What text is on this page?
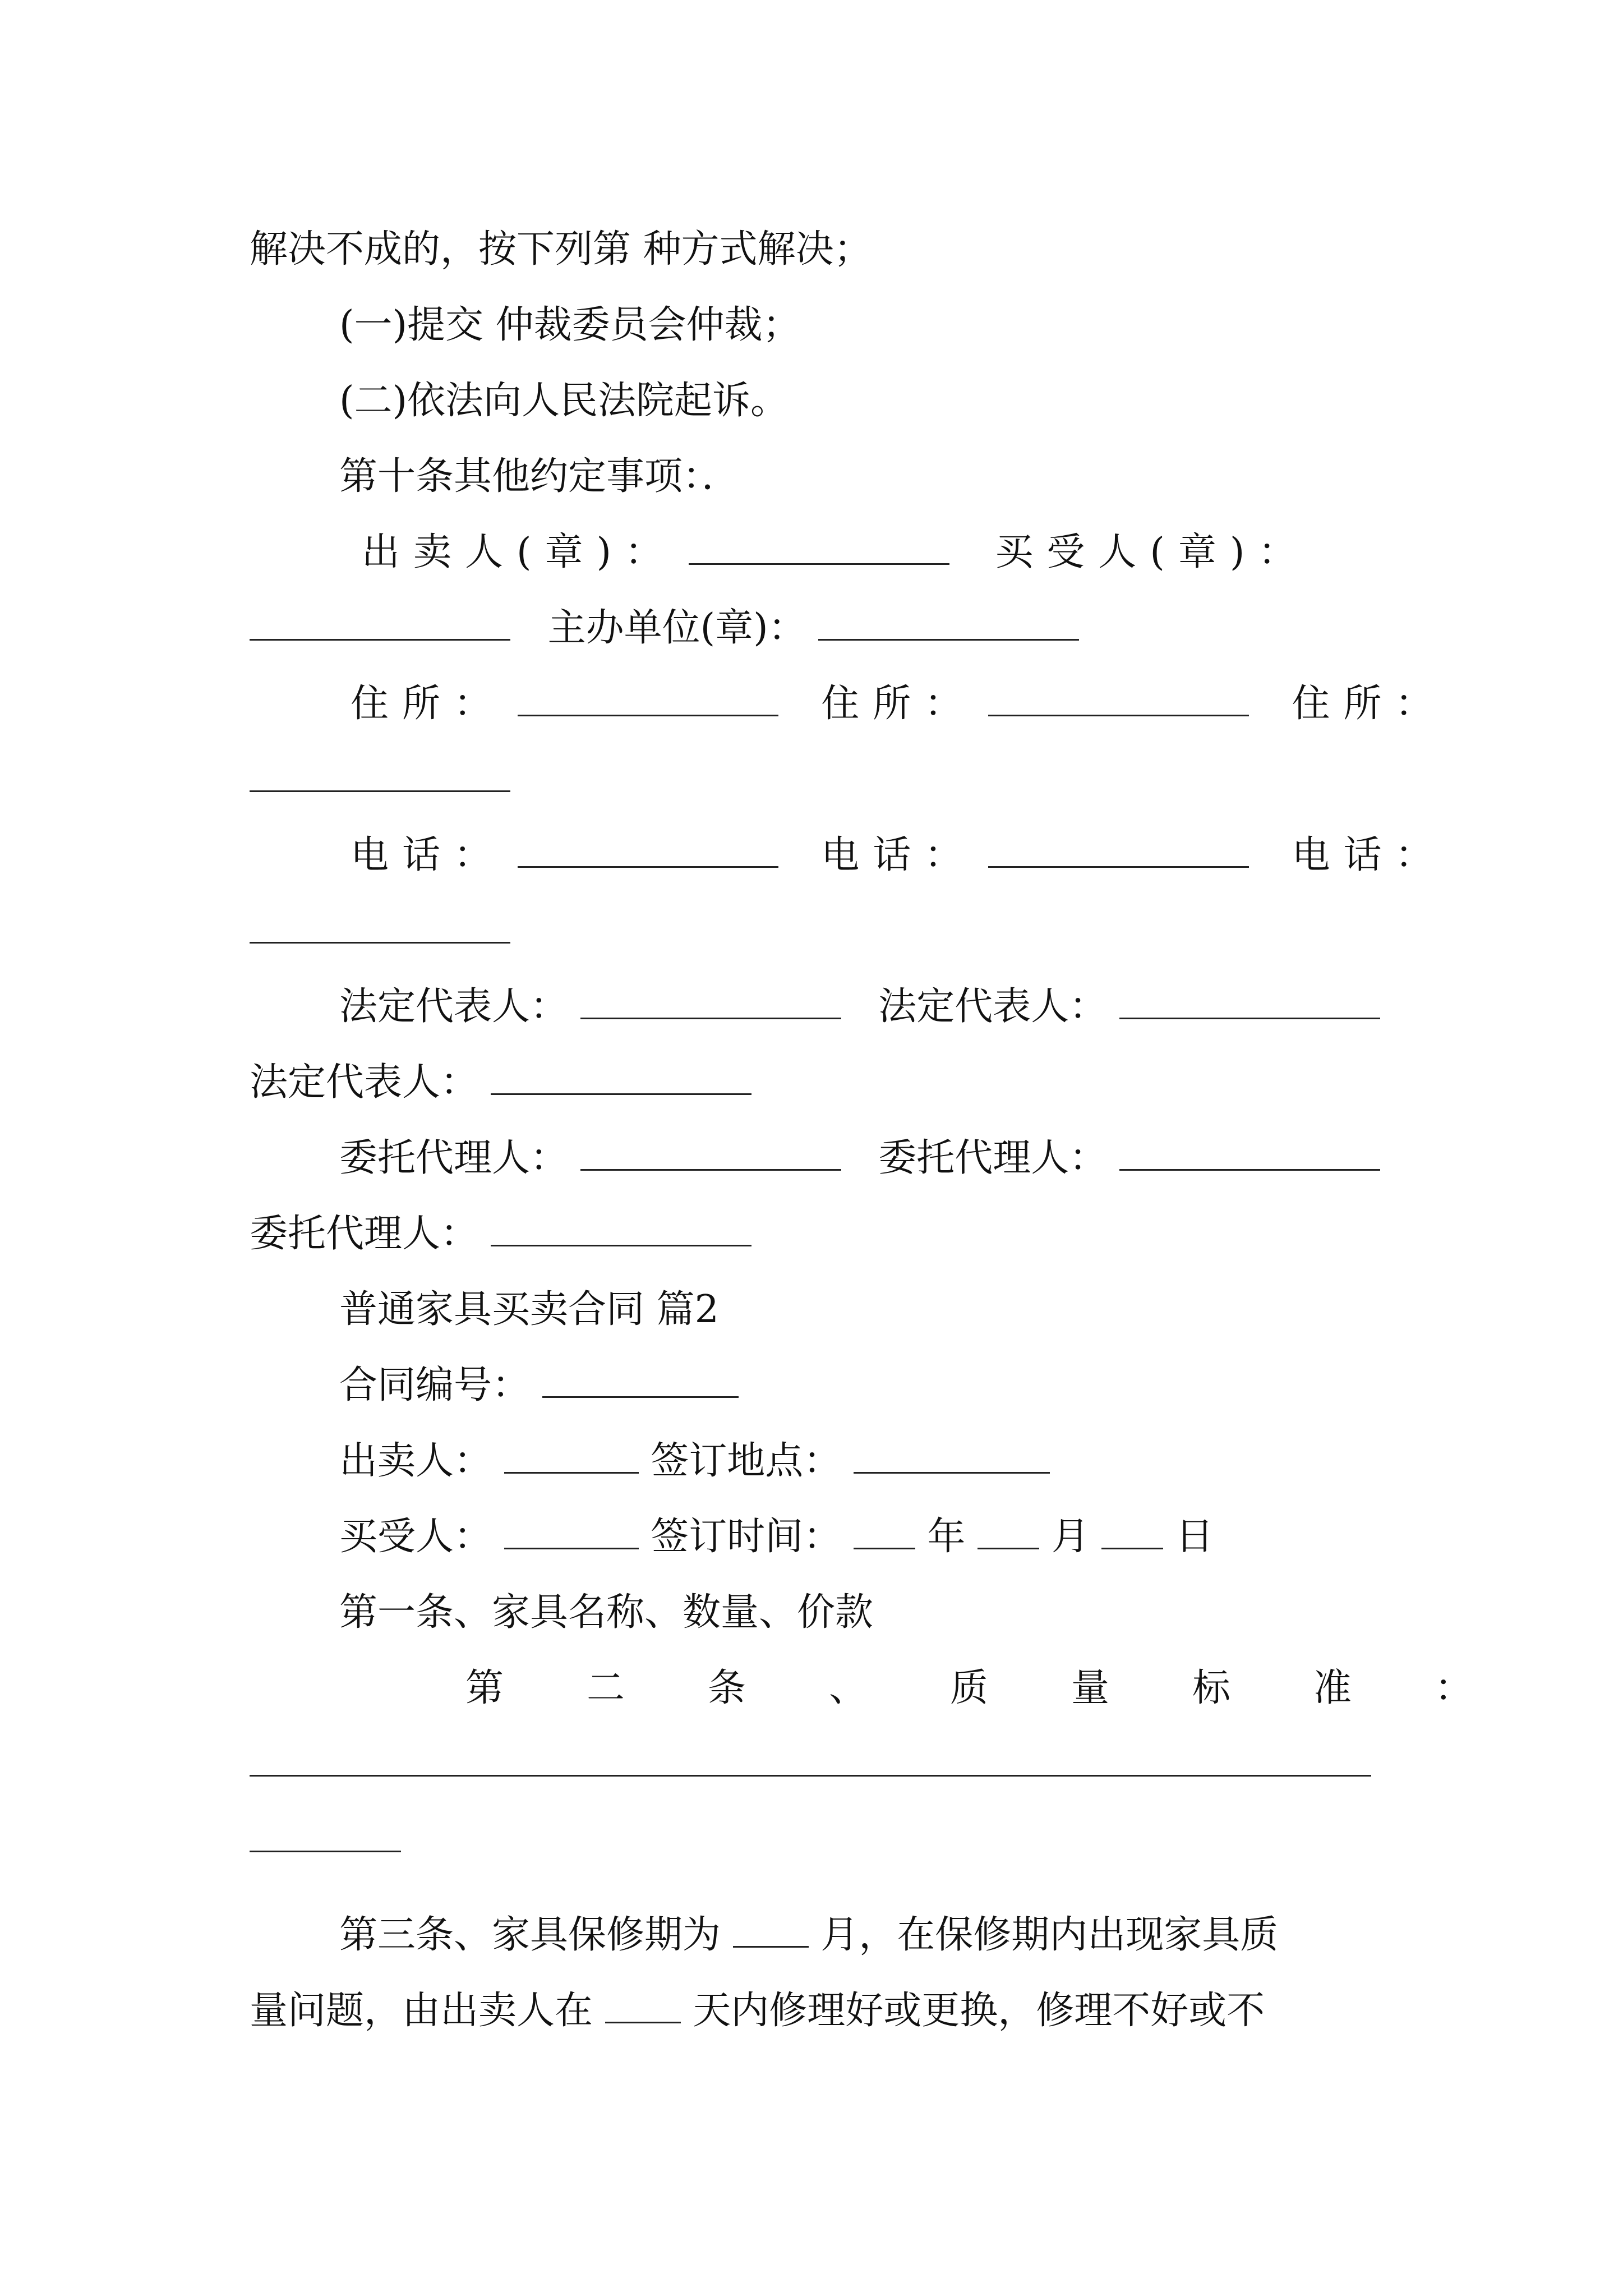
解决不成的，按下列第 种方式解决；
(一)提交 仲裁委员会仲裁；
(二)依法向人民法院起诉。
第十条其他约定事项：．
出卖人(章)：	买受人(章)：
主办单位(章)：
住所：	住所：	住所：
电话：	电话：	电话：
法定代表人：	法定代表人：
法定代表人：
委托代理人：	委托代理人：
委托代理人：
普通家具买卖合同 篇2
合同编号：
出卖人：	签订地点：
买受人：	签订时间： 年 月 日
第一条、家具名称、数量、价款
第二条、质量标准：
第三条、家具保修期为	月，在保修期内出现家具质
量问题，由出卖人在	天内修理好或更换，修理不好或不
